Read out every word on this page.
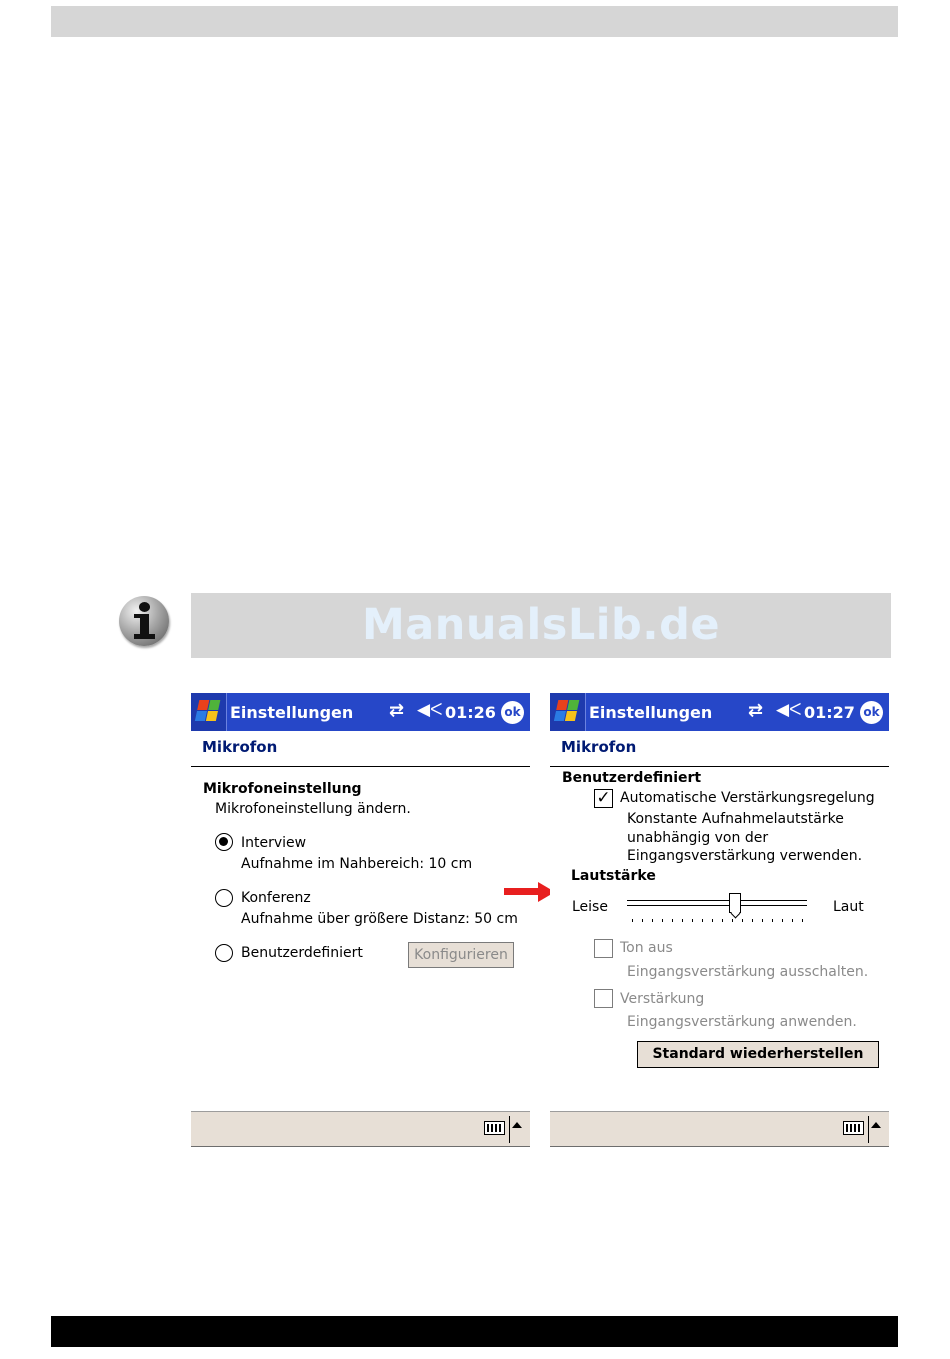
ManualsLib.de
Einstellungen ⇄ ◀ᐸ 01:26 ok
Mikrofon
Mikrofoneinstellung
Mikrofoneinstellung ändern.
Interview
Aufnahme im Nahbereich: 10 cm
Konferenz
Aufnahme über größere Distanz: 50 cm
Benutzerdefiniert	Konfigurieren
Einstellungen ⇄ ◀ᐸ 01:27 ok
Mikrofon
Benutzerdefiniert
✓ Automatische Verstärkungsregelung
Konstante Aufnahmelautstärke
unabhängig von der
Eingangsverstärkung verwenden.
Lautstärke
Leise	Laut
Ton aus
Eingangsverstärkung ausschalten.
Verstärkung
Eingangsverstärkung anwenden.
Standard wiederherstellen
